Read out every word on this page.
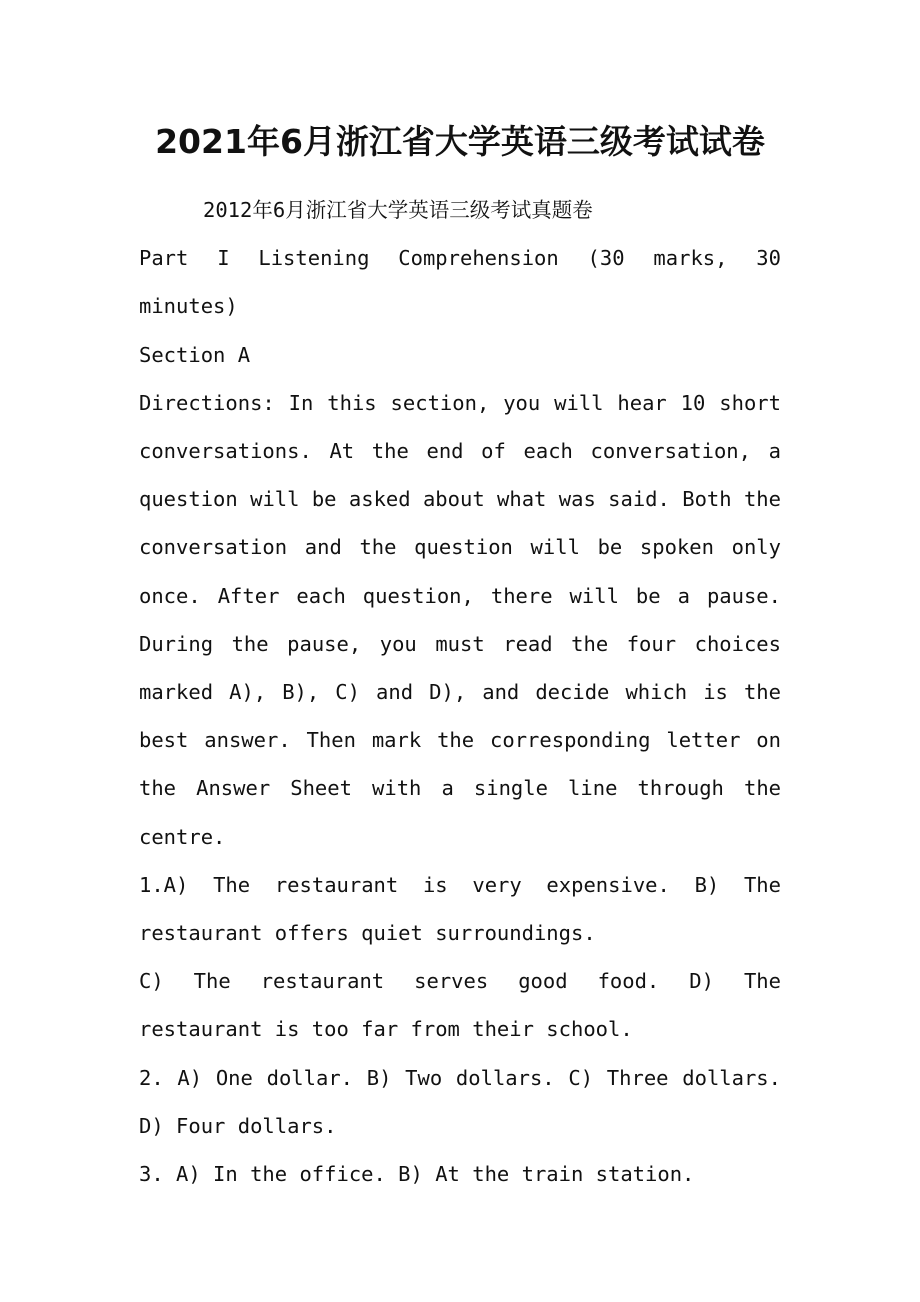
2021年6月浙江省大学英语三级考试试卷

2012年6月浙江省大学英语三级考试真题卷

Part I Listening Comprehension (30 marks, 30 minutes)

Section A

Directions: In this section, you will hear 10 short conversations. At the end of each conversation, a question will be asked about what was said. Both the conversation and the question will be spoken only once. After each question, there will be a pause. During the pause, you must read the four choices marked A), B), C) and D), and decide which is the best answer. Then mark the corresponding letter on the Answer Sheet with a single line through the centre.

1.A) The restaurant is very expensive. B) The restaurant offers quiet surroundings.

C) The restaurant serves good food. D) The restaurant is too far from their school.

2. A) One dollar. B) Two dollars. C) Three dollars. D) Four dollars.

3. A) In the office. B) At the train station.
